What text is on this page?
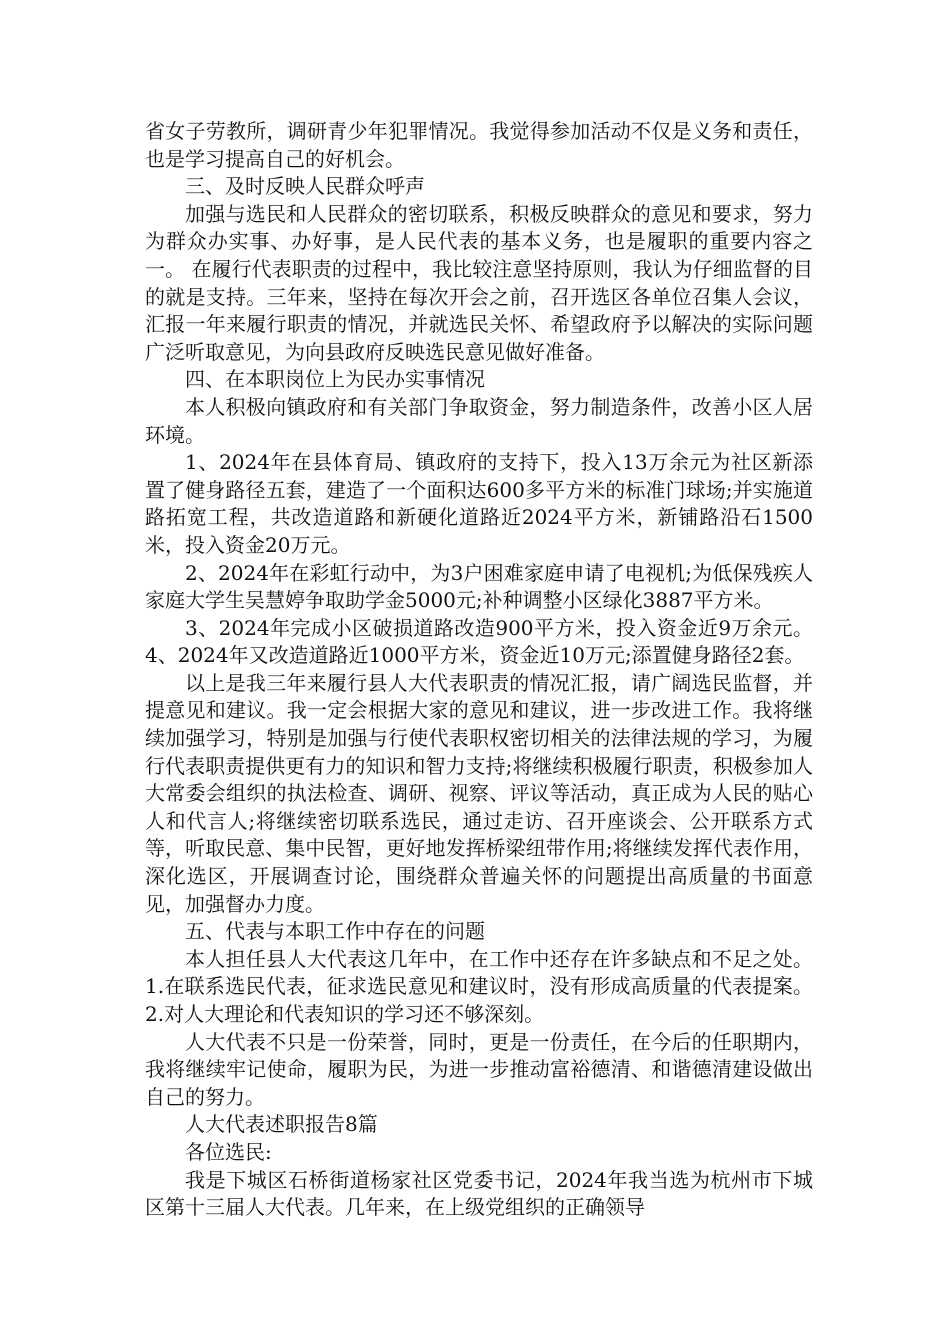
省女子劳教所，调研青少年犯罪情况。我觉得参加活动不仅是义务和责任，也是学习提高自己的好机会。

三、及时反映人民群众呼声

加强与选民和人民群众的密切联系，积极反映群众的意见和要求，努力为群众办实事、办好事，是人民代表的基本义务，也是履职的重要内容之一。 在履行代表职责的过程中，我比较注意坚持原则，我认为仔细监督的目的就是支持。三年来，坚持在每次开会之前，召开选区各单位召集人会议，汇报一年来履行职责的情况，并就选民关怀、希望政府予以解决的实际问题广泛听取意见，为向县政府反映选民意见做好准备。

四、在本职岗位上为民办实事情况

本人积极向镇政府和有关部门争取资金，努力制造条件，改善小区人居环境。

1、2024年在县体育局、镇政府的支持下，投入13万余元为社区新添置了健身路径五套，建造了一个面积达600多平方米的标准门球场;并实施道路拓宽工程，共改造道路和新硬化道路近2024平方米，新铺路沿石1500米，投入资金20万元。

2、2024年在彩虹行动中，为3户困难家庭申请了电视机;为低保残疾人家庭大学生吴慧婷争取助学金5000元;补种调整小区绿化3887平方米。

3、2024年完成小区破损道路改造900平方米，投入资金近9万余元。 4、2024年又改造道路近1000平方米，资金近10万元;添置健身路径2套。

以上是我三年来履行县人大代表职责的情况汇报，请广阔选民监督，并提意见和建议。我一定会根据大家的意见和建议，进一步改进工作。我将继续加强学习，特别是加强与行使代表职权密切相关的法律法规的学习，为履行代表职责提供更有力的知识和智力支持;将继续积极履行职责，积极参加人大常委会组织的执法检查、调研、视察、评议等活动，真正成为人民的贴心人和代言人;将继续密切联系选民，通过走访、召开座谈会、公开联系方式等，听取民意、集中民智，更好地发挥桥梁纽带作用;将继续发挥代表作用，深化选区，开展调查讨论，围绕群众普遍关怀的问题提出高质量的书面意见，加强督办力度。

五、代表与本职工作中存在的问题

本人担任县人大代表这几年中，在工作中还存在许多缺点和不足之处。1.在联系选民代表，征求选民意见和建议时，没有形成高质量的代表提案。2.对人大理论和代表知识的学习还不够深刻。

人大代表不只是一份荣誉，同时，更是一份责任，在今后的任职期内，我将继续牢记使命，履职为民，为进一步推动富裕德清、和谐德清建设做出自己的努力。

人大代表述职报告8篇

各位选民:

我是下城区石桥街道杨家社区党委书记，2024年我当选为杭州市下城区第十三届人大代表。几年来，在上级党组织的正确领导
